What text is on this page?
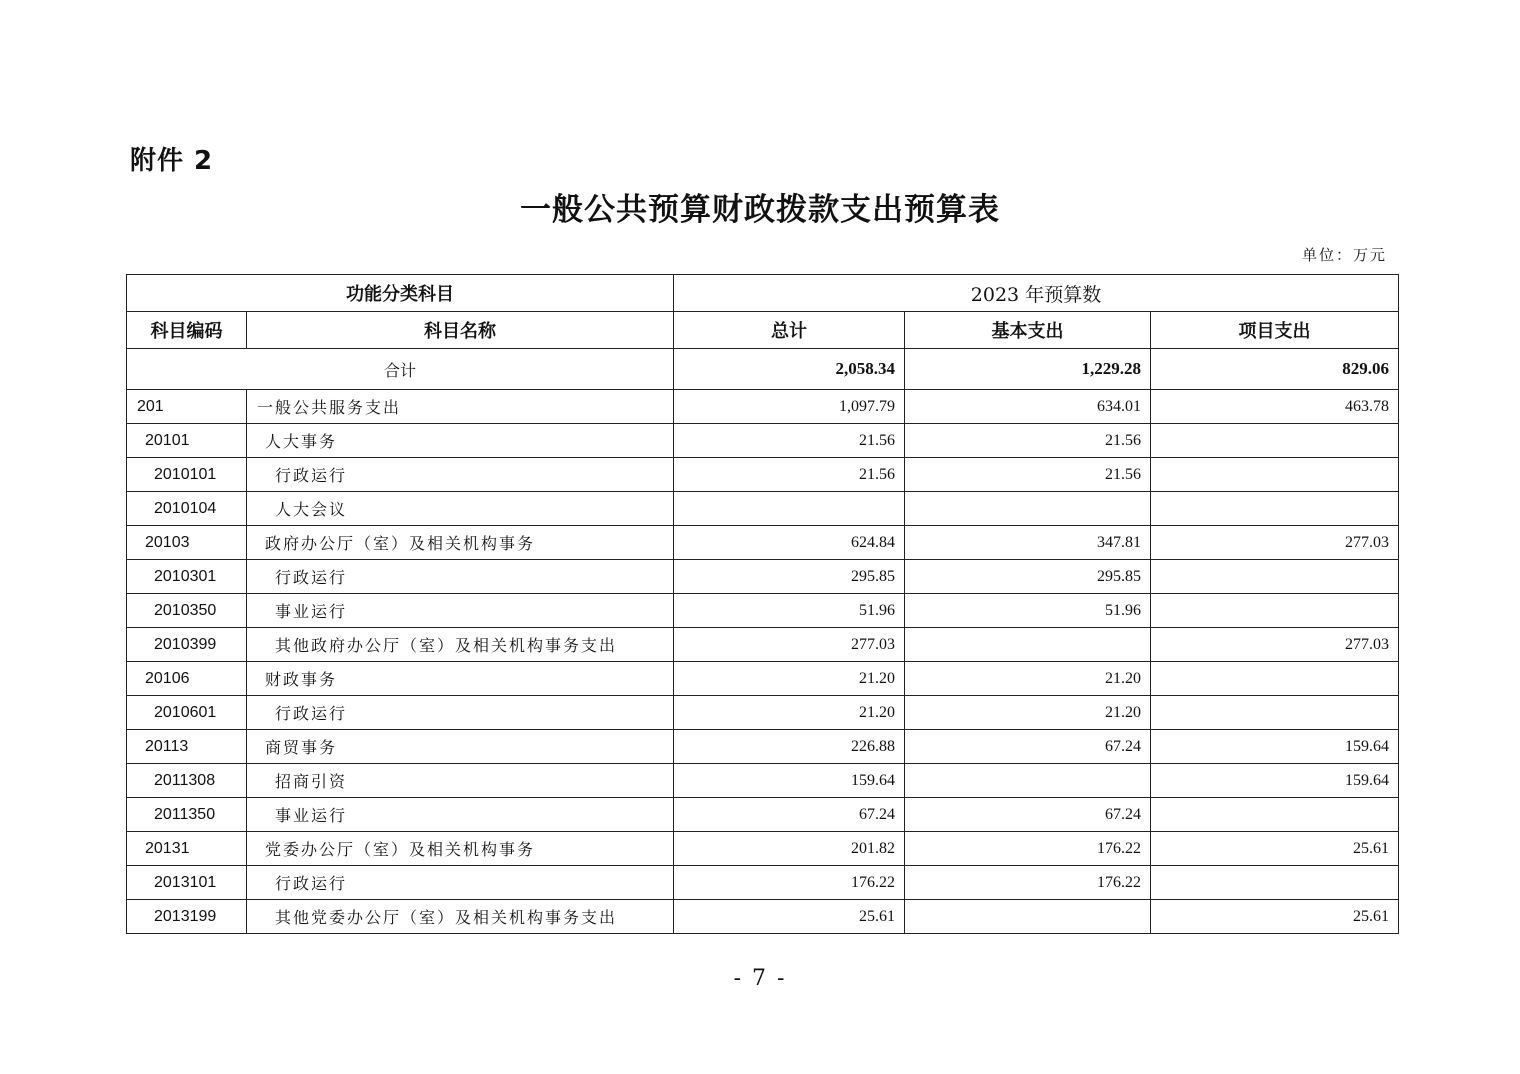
附件 2
一般公共预算财政拨款支出预算表
单位：万元
功能分类科目		2023 年预算数		
科目编码	科目名称	总计	基本支出	项目支出
合计		2,058.34	1,229.28	829.06
201	一般公共服务支出	1,097.79	634.01	463.78
20101	人大事务	21.56	21.56	
2010101	行政运行	21.56	21.56	
2010104	人大会议			
20103	政府办公厅（室）及相关机构事务	624.84	347.81	277.03
2010301	行政运行	295.85	295.85	
2010350	事业运行	51.96	51.96	
2010399	其他政府办公厅（室）及相关机构事务支出	277.03		277.03
20106	财政事务	21.20	21.20	
2010601	行政运行	21.20	21.20	
20113	商贸事务	226.88	67.24	159.64
2011308	招商引资	159.64		159.64
2011350	事业运行	67.24	67.24	
20131	党委办公厅（室）及相关机构事务	201.82	176.22	25.61
2013101	行政运行	176.22	176.22	
2013199	其他党委办公厅（室）及相关机构事务支出	25.61		25.61
- 7 -
